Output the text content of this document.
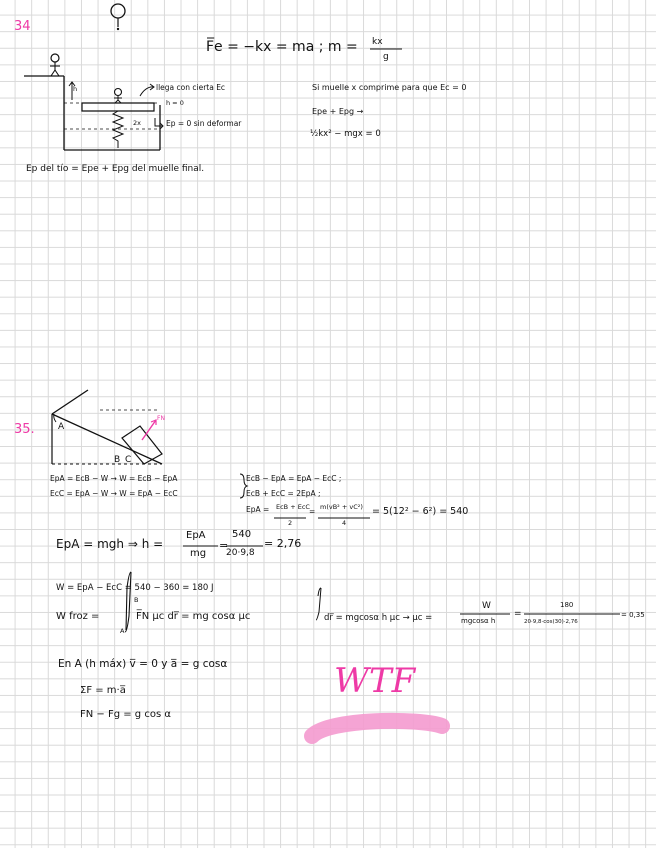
34
F̅e = −kx = ma ; m = kx
g
h	llega con cierta Ec
h = 0
2x	Ep = 0 sin deformar
Si muelle x comprime para que Ec = 0
Epe + Epg →
½kx² − mgx = 0
Ep del tío = Epe + Epg del muelle final.
35.	A
B C
FN
EpA = EcB − W → W = EcB − EpA	EcB − EpA = EpA − EcC ;
EcC = EpA − W → W = EpA − EcC	EcB + EcC = 2EpA ;
EpA = EcB + EcC
2
= m(vB² + vC²)
4
= 5(12² − 6²) = 540
EpA = mgh ⇒ h =
EpA
mg
=
540
20·9,8
= 2,76
W = EpA − EcC = 540 − 360 = 180 J
W froz =
B
A
F̅N μc dr̅ = mg cosα μc	dr̅ = mgcosα h μc → μc =
W
mgcosα h
=
180
20·9,8·cos(30)·2,76
= 0,35
En A (h máx) v̅ = 0 y a̅ = g cosα
ΣF = m·a̅
FN − Fg = g cos α
WTF
